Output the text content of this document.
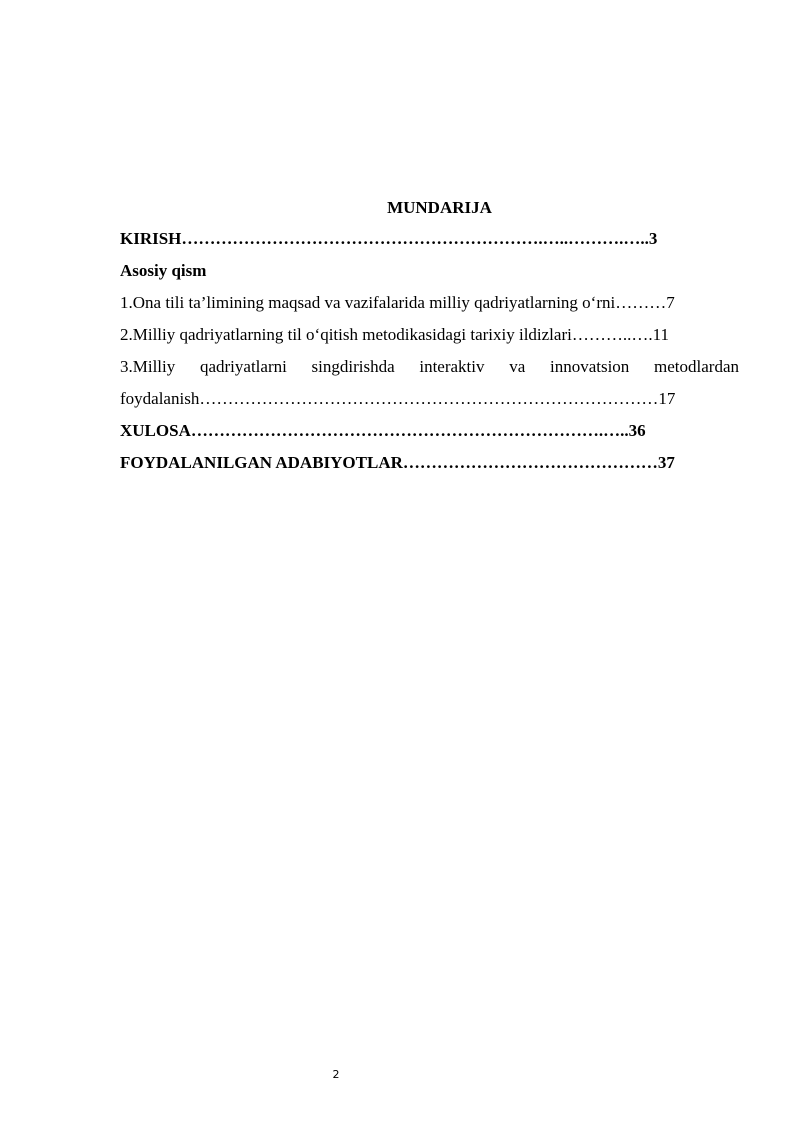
MUNDARIJA
KIRISH……………………………………………………….…..……….…..3
Asosiy qism
1.Ona tili ta’limining maqsad va vazifalarida milliy qadriyatlarning o‘rni………7
2.Milliy qadriyatlarning til o‘qitish metodikasidagi tarixiy ildizlari………..….11
3.Milliy qadriyatlarni singdirishda interaktiv va innovatsion metodlardan
foydalanish………………………………………………………………………17
XULOSA……………………………………………………………….…..36
FOYDALANILGAN ADABIYOTLAR………………………………………37
2
